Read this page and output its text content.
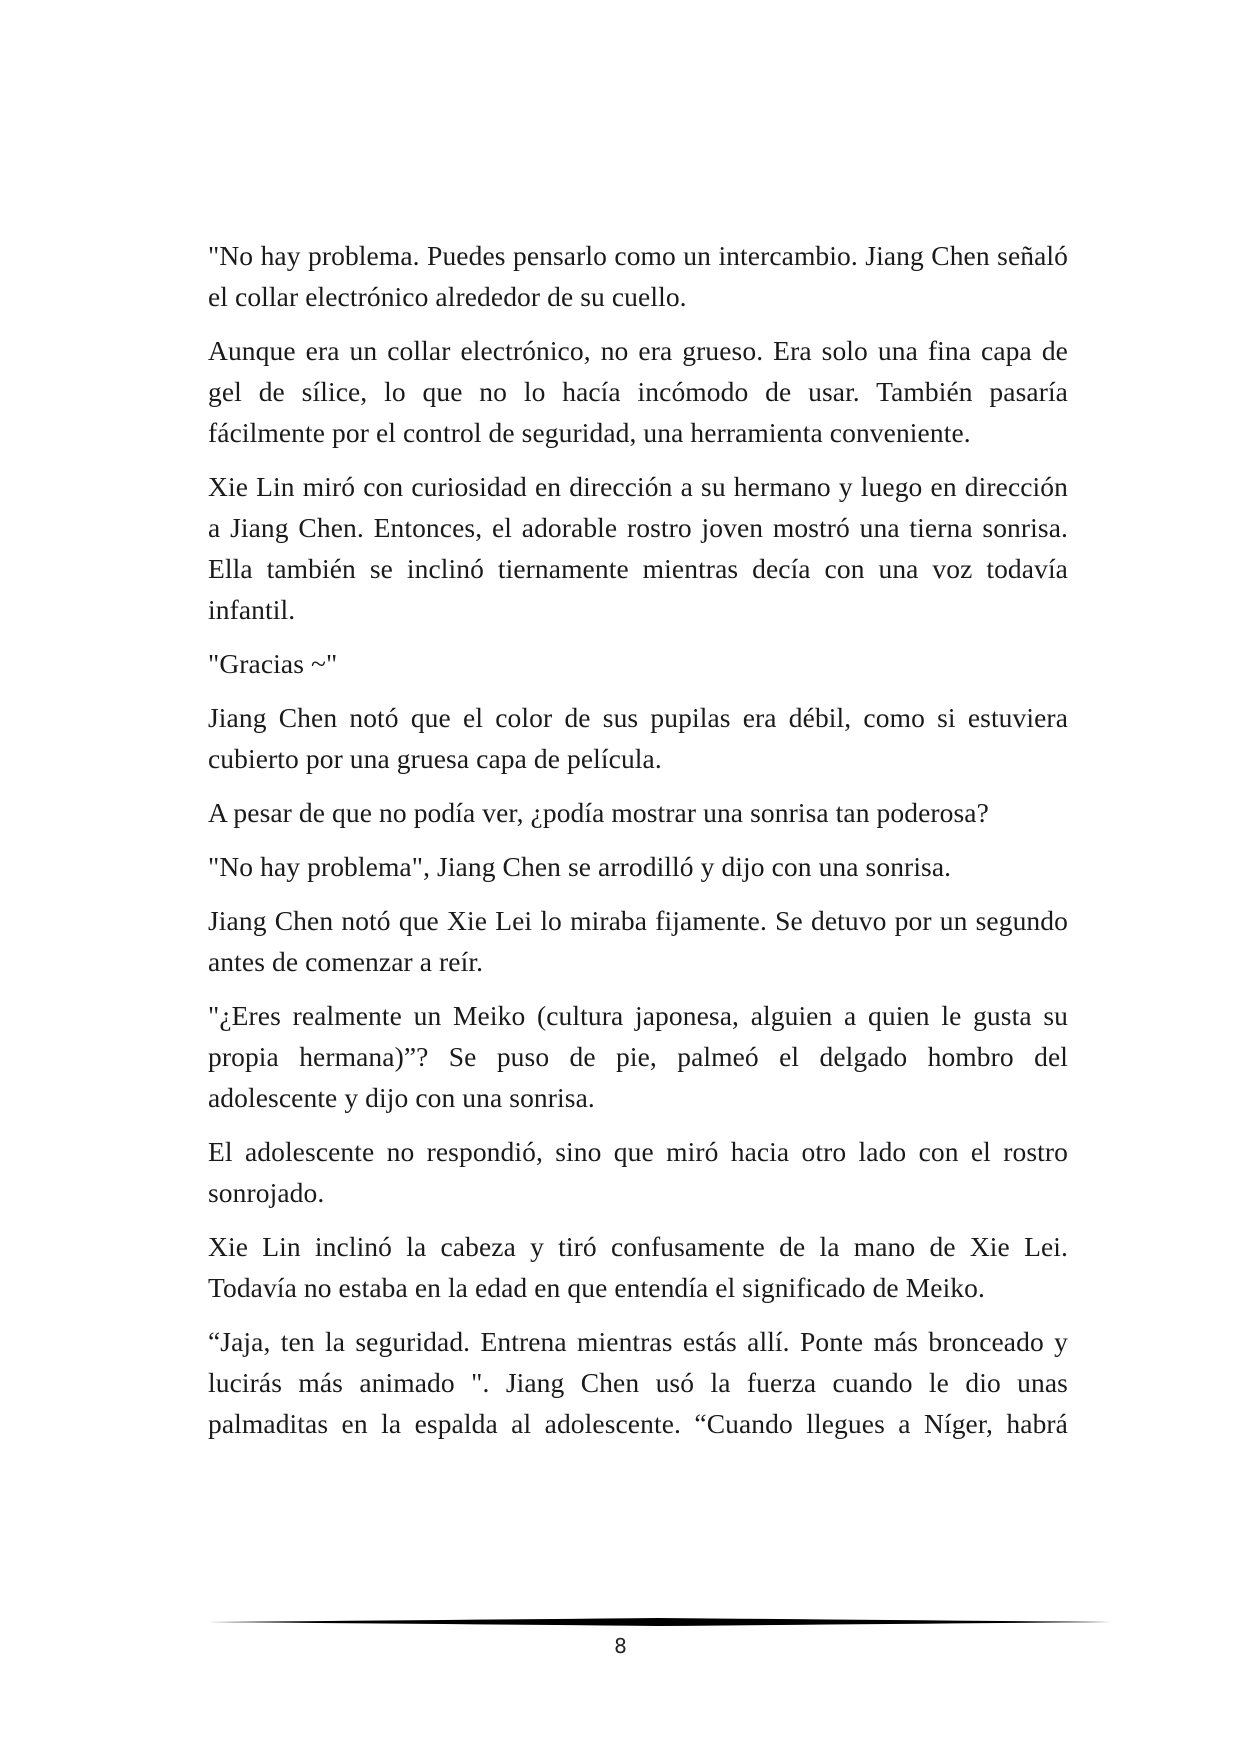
"No hay problema. Puedes pensarlo como un intercambio. Jiang Chen señaló el collar electrónico alrededor de su cuello.

Aunque era un collar electrónico, no era grueso. Era solo una fina capa de gel de sílice, lo que no lo hacía incómodo de usar. También pasaría fácilmente por el control de seguridad, una herramienta conveniente.

Xie Lin miró con curiosidad en dirección a su hermano y luego en dirección a Jiang Chen. Entonces, el adorable rostro joven mostró una tierna sonrisa. Ella también se inclinó tiernamente mientras decía con una voz todavía infantil.

"Gracias ~"

Jiang Chen notó que el color de sus pupilas era débil, como si estuviera cubierto por una gruesa capa de película.

A pesar de que no podía ver, ¿podía mostrar una sonrisa tan poderosa?

"No hay problema", Jiang Chen se arrodilló y dijo con una sonrisa.

Jiang Chen notó que Xie Lei lo miraba fijamente. Se detuvo por un segundo antes de comenzar a reír.

"¿Eres realmente un Meiko (cultura japonesa, alguien a quien le gusta su propia hermana)”? Se puso de pie, palmeó el delgado hombro del adolescente y dijo con una sonrisa.

El adolescente no respondió, sino que miró hacia otro lado con el rostro sonrojado.

Xie Lin inclinó la cabeza y tiró confusamente de la mano de Xie Lei. Todavía no estaba en la edad en que entendía el significado de Meiko.

“Jaja, ten la seguridad. Entrena mientras estás allí. Ponte más bronceado y lucirás más animado ". Jiang Chen usó la fuerza cuando le dio unas palmaditas en la espalda al adolescente. “Cuando llegues a Níger, habrá

8
